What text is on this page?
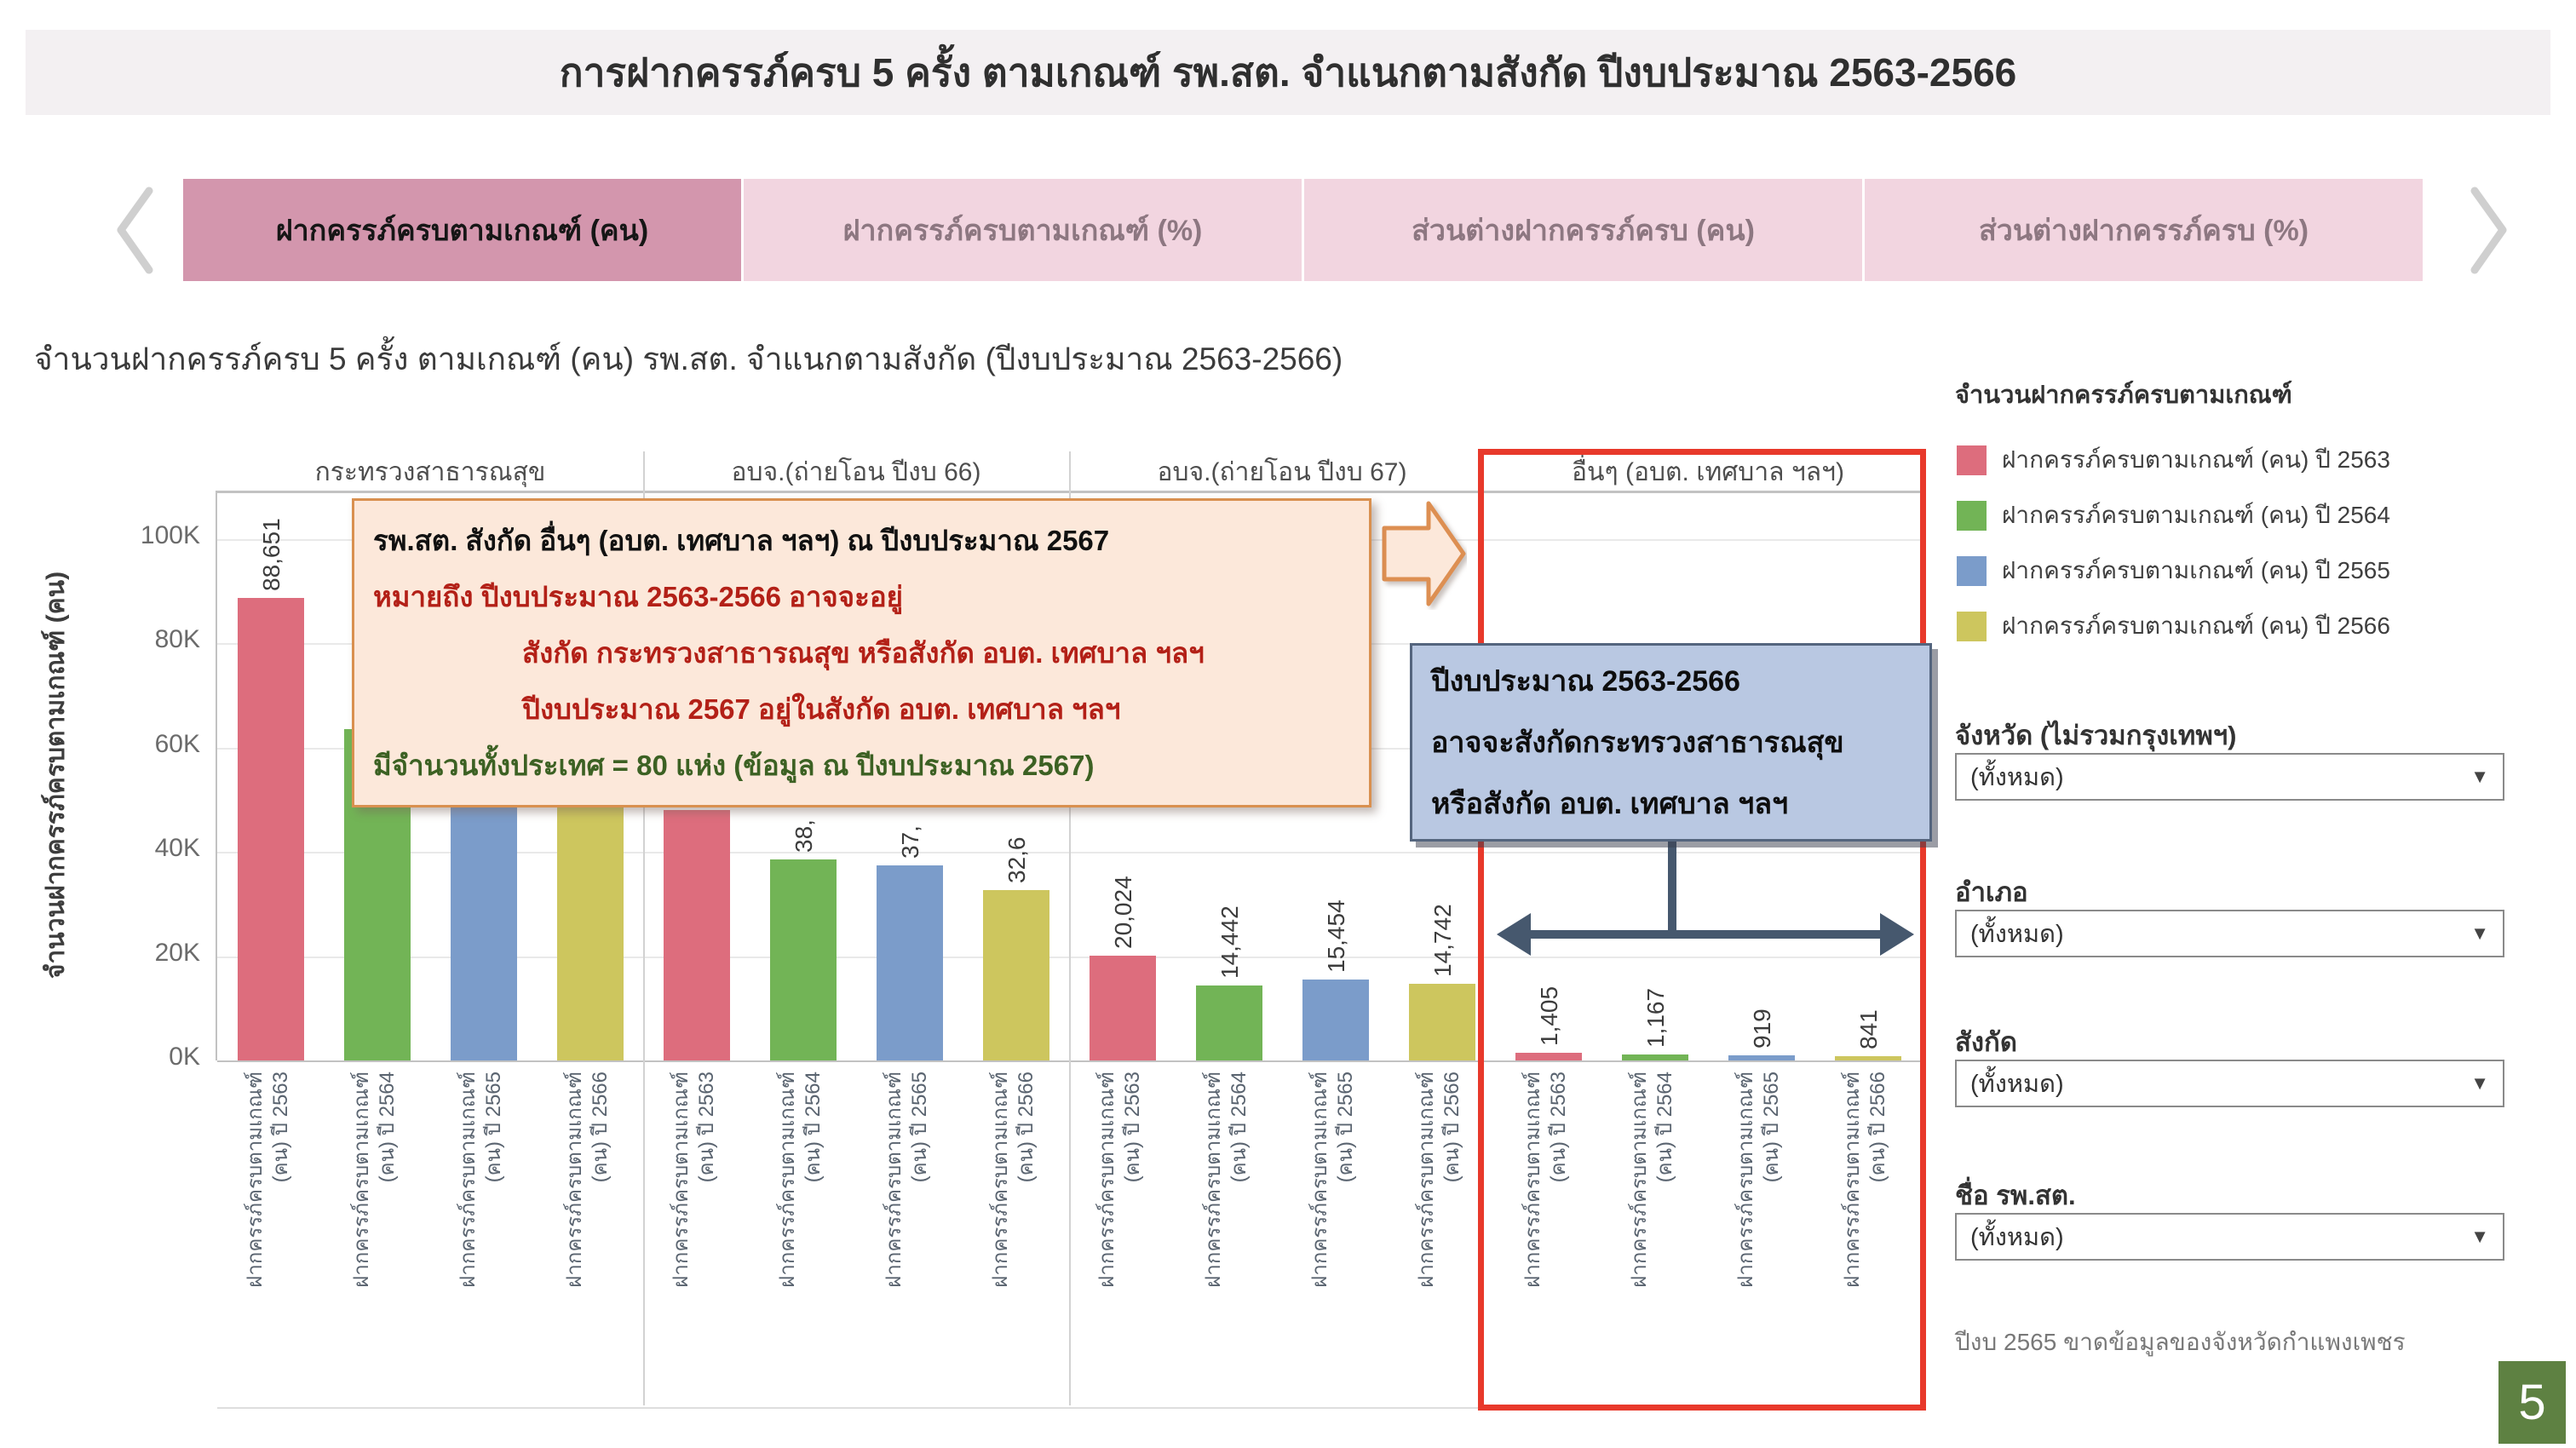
การฝากครรภ์ครบ 5 ครั้ง ตามเกณฑ์ รพ.สต. จำแนกตามสังกัด ปีงบประมาณ 2563-2566
ฝากครรภ์ครบตามเกณฑ์ (คน)	ฝากครรภ์ครบตามเกณฑ์ (%)	ส่วนต่างฝากครรภ์ครบ (คน)	ส่วนต่างฝากครรภ์ครบ (%)
จำนวนฝากครรภ์ครบ 5 ครั้ง ตามเกณฑ์ (คน) รพ.สต. จำแนกตามสังกัด (ปีงบประมาณ 2563-2566)
จำนวนฝากครรภ์ครบตามเกณฑ์ (คน)
0K
20K
40K
60K
80K
100K
กระทรวงสาธารณสุข
88,651
ฝากครรภ์ครบตามเกณฑ์ (คน) ปี 2563	ฝากครรภ์ครบตามเกณฑ์ (คน) ปี 2564	ฝากครรภ์ครบตามเกณฑ์ (คน) ปี 2565	ฝากครรภ์ครบตามเกณฑ์ (คน) ปี 2566
อบจ.(ถ่ายโอน ปีงบ 66)
ฝากครรภ์ครบตามเกณฑ์ (คน) ปี 2563
38,
ฝากครรภ์ครบตามเกณฑ์ (คน) ปี 2564
37,
ฝากครรภ์ครบตามเกณฑ์ (คน) ปี 2565
32,6
ฝากครรภ์ครบตามเกณฑ์ (คน) ปี 2566
อบจ.(ถ่ายโอน ปีงบ 67)
20,024
ฝากครรภ์ครบตามเกณฑ์ (คน) ปี 2563
14,442
ฝากครรภ์ครบตามเกณฑ์ (คน) ปี 2564
15,454
ฝากครรภ์ครบตามเกณฑ์ (คน) ปี 2565
14,742
ฝากครรภ์ครบตามเกณฑ์ (คน) ปี 2566
อื่นๆ (อบต. เทศบาล ฯลฯ)
1,405
ฝากครรภ์ครบตามเกณฑ์ (คน) ปี 2563
1,167
ฝากครรภ์ครบตามเกณฑ์ (คน) ปี 2564
919
ฝากครรภ์ครบตามเกณฑ์ (คน) ปี 2565
841
ฝากครรภ์ครบตามเกณฑ์ (คน) ปี 2566
ปีงบประมาณ 2563-2566
อาจจะสังกัดกระทรวงสาธารณสุข
หรือสังกัด อบต. เทศบาล ฯลฯ
รพ.สต. สังกัด อื่นๆ (อบต. เทศบาล ฯลฯ) ณ ปีงบประมาณ 2567
หมายถึง ปีงบประมาณ 2563-2566 อาจจะอยู่
สังกัด กระทรวงสาธารณสุข หรือสังกัด อบต. เทศบาล ฯลฯ
ปีงบประมาณ 2567 อยู่ในสังกัด อบต. เทศบาล ฯลฯ
มีจำนวนทั้งประเทศ = 80 แห่ง (ข้อมูล ณ ปีงบประมาณ 2567)
จำนวนฝากครรภ์ครบตามเกณฑ์
ฝากครรภ์ครบตามเกณฑ์ (คน) ปี 2563
ฝากครรภ์ครบตามเกณฑ์ (คน) ปี 2564
ฝากครรภ์ครบตามเกณฑ์ (คน) ปี 2565
ฝากครรภ์ครบตามเกณฑ์ (คน) ปี 2566
จังหวัด (ไม่รวมกรุงเทพฯ)
(ทั้งหมด)	▼
อำเภอ
(ทั้งหมด)	▼
สังกัด
(ทั้งหมด)	▼
ชื่อ รพ.สต.
(ทั้งหมด)	▼
ปีงบ 2565 ขาดข้อมูลของจังหวัดกำแพงเพชร
5
